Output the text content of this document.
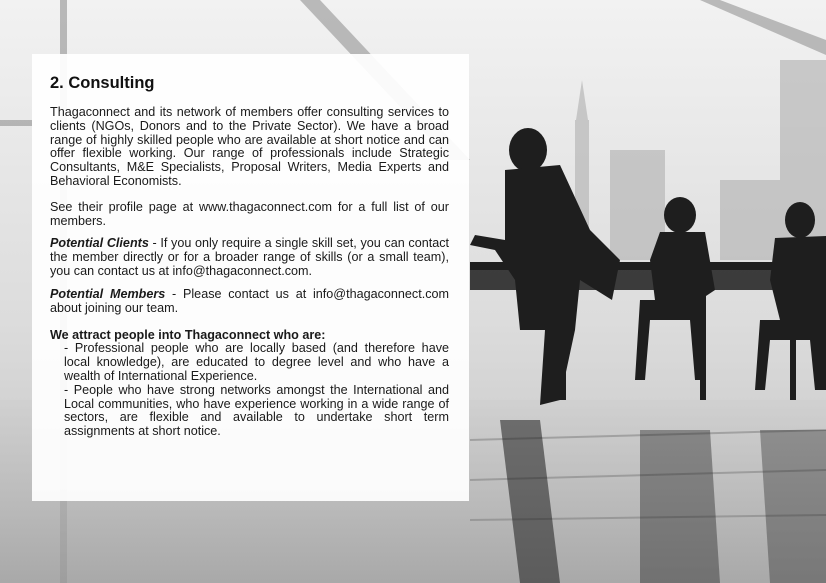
2. Consulting

Thagaconnect and its network of members offer consulting services to clients (NGOs, Donors and to the Private Sector). We have a broad range of highly skilled people who are available at short notice and can offer flexible working. Our range of professionals include Strategic Consultants, M&E Specialists, Proposal Writers, Media Experts and Behavioral Economists.

See their profile page at www.thagaconnect.com for a full list of our members.

Potential Clients - If you only require a single skill set, you can contact the member directly or for a broader range of skills (or a small team), you can contact us at info@thagaconnect.com.

Potential Members - Please contact us at info@thagaconnect.com about joining our team.

We attract people into Thagaconnect who are:

- Professional people who are locally based (and therefore have local knowledge), are educated to degree level and who have a wealth of International Experience.

- People who have strong networks amongst the International and Local communities, who have experience working in a wide range of sectors, are flexible and available to undertake short term assignments at short notice.
